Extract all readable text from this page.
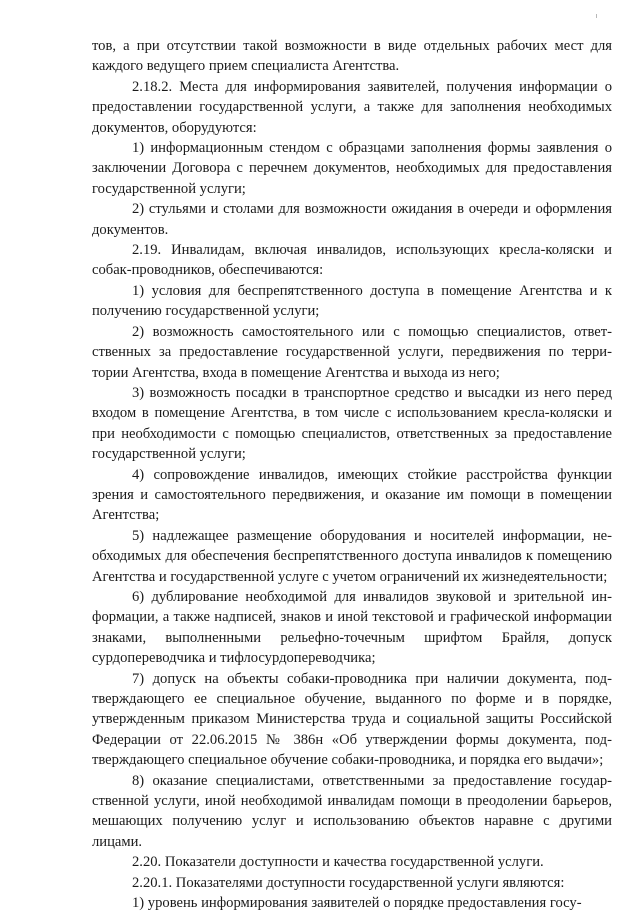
тов, а при отсутствии такой возможности в виде отдельных рабочих мест для каждого ведущего прием специалиста Агентства.

2.18.2. Места для информирования заявителей, получения информации о предоставлении государственной услуги, а также для заполнения необходимых документов, оборудуются:

1) информационным стендом с образцами заполнения формы заявления о заключении Договора с перечнем документов, необходимых для предоставления государственной услуги;

2) стульями и столами для возможности ожидания в очереди и оформления документов.

2.19. Инвалидам, включая инвалидов, использующих кресла-коляски и собак-проводников, обеспечиваются:

1) условия для беспрепятственного доступа в помещение Агентства и к получению государственной услуги;

2) возможность самостоятельного или с помощью специалистов, ответственных за предоставление государственной услуги, передвижения по территории Агентства, входа в помещение Агентства и выхода из него;

3) возможность посадки в транспортное средство и высадки из него перед входом в помещение Агентства, в том числе с использованием кресла-коляски и при необходимости с помощью специалистов, ответственных за предоставление государственной услуги;

4) сопровождение инвалидов, имеющих стойкие расстройства функции зрения и самостоятельного передвижения, и оказание им помощи в помещении Агентства;

5) надлежащее размещение оборудования и носителей информации, необходимых для обеспечения беспрепятственного доступа инвалидов к помещению Агентства и государственной услуге с учетом ограничений их жизнедеятельности;

6) дублирование необходимой для инвалидов звуковой и зрительной информации, а также надписей, знаков и иной текстовой и графической информации знаками, выполненными рельефно-точечным шрифтом Брайля, допуск сурдопереводчика и тифлосурдопереводчика;

7) допуск на объекты собаки-проводника при наличии документа, подтверждающего ее специальное обучение, выданного по форме и в порядке, утвержденным приказом Министерства труда и социальной защиты Российской Федерации от 22.06.2015 № 386н «Об утверждении формы документа, подтверждающего специальное обучение собаки-проводника, и порядка его выдачи»;

8) оказание специалистами, ответственными за предоставление государственной услуги, иной необходимой инвалидам помощи в преодолении барьеров, мешающих получению услуг и использованию объектов наравне с другими лицами.

2.20. Показатели доступности и качества государственной услуги.

2.20.1. Показателями доступности государственной услуги являются:

1) уровень информирования заявителей о порядке предоставления госу-
